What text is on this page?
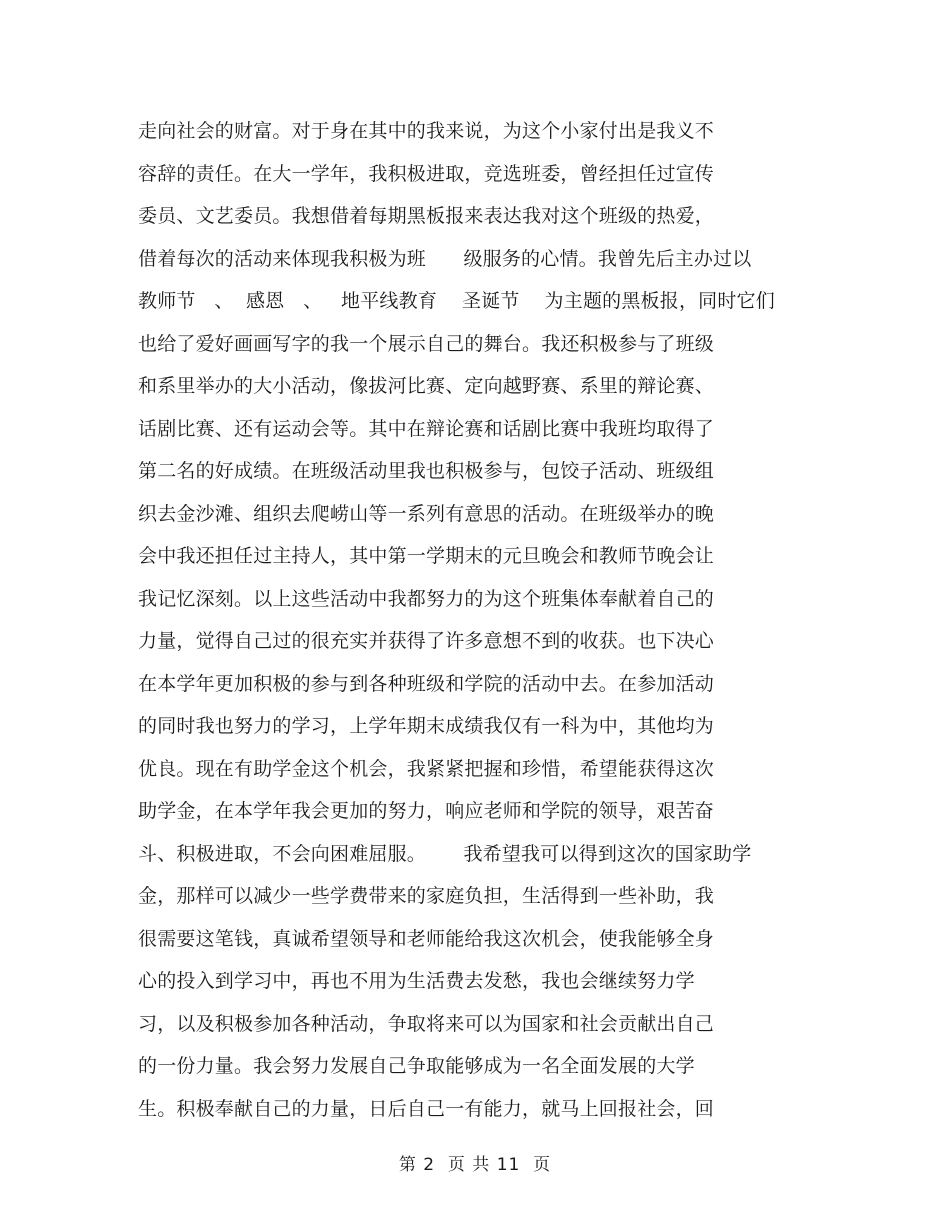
走向社会的财富。对于身在其中的我来说，为这个小家付出是我义不
容辞的责任。在大一学年，我积极进取，竞选班委，曾经担任过宣传
委员、文艺委员。我想借着每期黑板报来表达我对这个班级的热爱，
借着每次的活动来体现我积极为班      级服务的心情。我曾先后主办过以
教师节   、  感恩   、   地平线教育    圣诞节    为主题的黑板报，同时它们
也给了爱好画画写字的我一个展示自己的舞台。我还积极参与了班级
和系里举办的大小活动，像拔河比赛、定向越野赛、系里的辩论赛、
话剧比赛、还有运动会等。其中在辩论赛和话剧比赛中我班均取得了
第二名的好成绩。在班级活动里我也积极参与，包饺子活动、班级组
织去金沙滩、组织去爬崂山等一系列有意思的活动。在班级举办的晚
会中我还担任过主持人，其中第一学期末的元旦晚会和教师节晚会让
我记忆深刻。以上这些活动中我都努力的为这个班集体奉献着自己的
力量，觉得自己过的很充实并获得了许多意想不到的收获。也下决心
在本学年更加积极的参与到各种班级和学院的活动中去。在参加活动
的同时我也努力的学习，上学年期末成绩我仅有一科为中，其他均为
优良。现在有助学金这个机会，我紧紧把握和珍惜，希望能获得这次
助学金，在本学年我会更加的努力，响应老师和学院的领导，艰苦奋
斗、积极进取，不会向困难屈服。      我希望我可以得到这次的国家助学
金，那样可以减少一些学费带来的家庭负担，生活得到一些补助，我
很需要这笔钱，真诚希望领导和老师能给我这次机会，使我能够全身
心的投入到学习中，再也不用为生活费去发愁，我也会继续努力学
习，以及积极参加各种活动，争取将来可以为国家和社会贡献出自己
的一份力量。我会努力发展自己争取能够成为一名全面发展的大学
生。积极奉献自己的力量，日后自己一有能力，就马上回报社会，回
第 2  页 共 11  页
